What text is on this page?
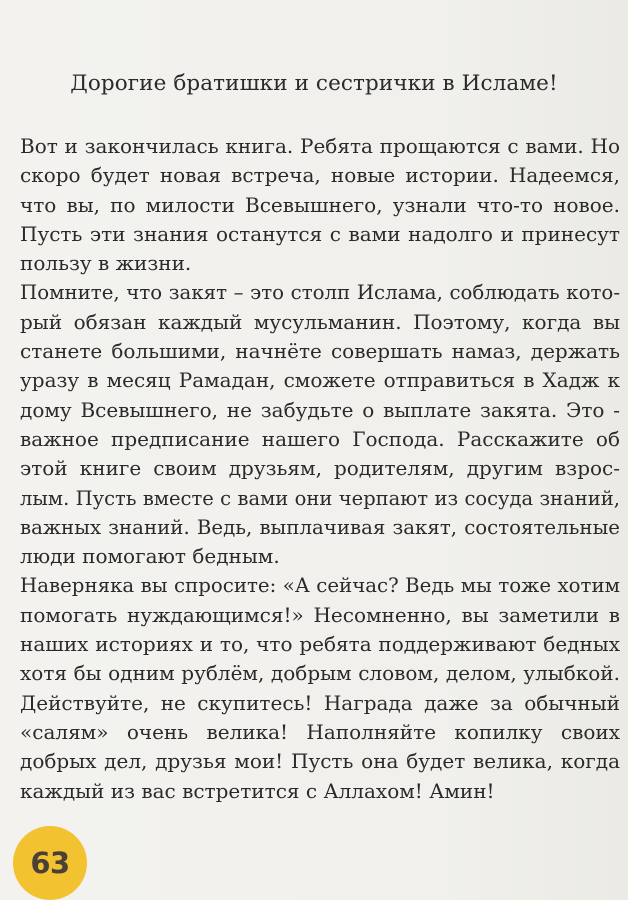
Дорогие братишки и сестрички в Исламе!
Вот и закончилась книга. Ребята прощаются с вами. Но
скоро будет новая встреча, новые истории. Надеемся,
что вы, по милости Всевышнего, узнали что-то новое.
Пусть эти знания останутся с вами надолго и принесут
пользу в жизни.
Помните, что закят – это столп Ислама, соблюдать кото-
рый обязан каждый мусульманин. Поэтому, когда вы
станете большими, начнёте совершать намаз, держать
уразу в месяц Рамадан, сможете отправиться в Хадж к
дому Всевышнего, не забудьте о выплате закята. Это -
важное предписание нашего Господа. Расскажите об
этой книге своим друзьям, родителям, другим взрос-
лым. Пусть вместе с вами они черпают из сосуда знаний,
важных знаний. Ведь, выплачивая закят, состоятельные
люди помогают бедным.
Наверняка вы спросите: «А сейчас? Ведь мы тоже хотим
помогать нуждающимся!» Несомненно, вы заметили в
наших историях и то, что ребята поддерживают бедных
хотя бы одним рублём, добрым словом, делом, улыбкой.
Действуйте, не скупитесь! Награда даже за обычный
«салям» очень велика! Наполняйте копилку своих
добрых дел, друзья мои! Пусть она будет велика, когда
каждый из вас встретится с Аллахом! Амин!
63
